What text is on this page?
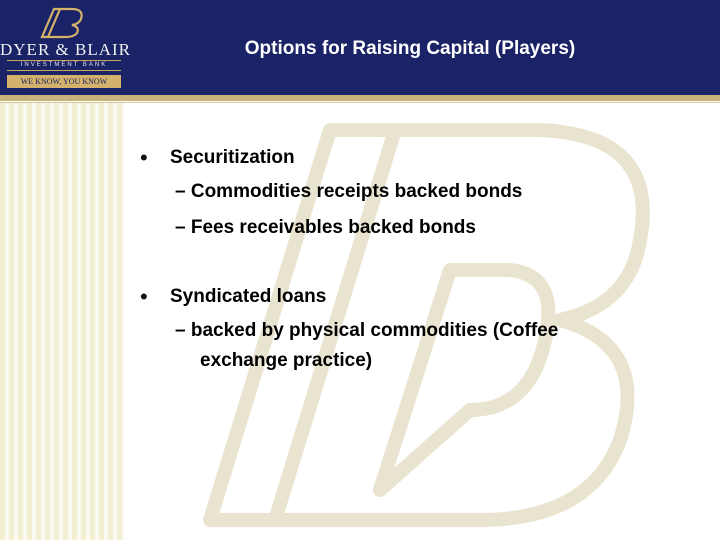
DYER & BLAIR
INVESTMENT BANK
WE KNOW, YOU KNOW
Options for Raising Capital (Players)
• Securitization
– Commodities receipts backed bonds
– Fees receivables backed bonds
• Syndicated loans
– backed by physical commodities (Coffee
exchange practice)
